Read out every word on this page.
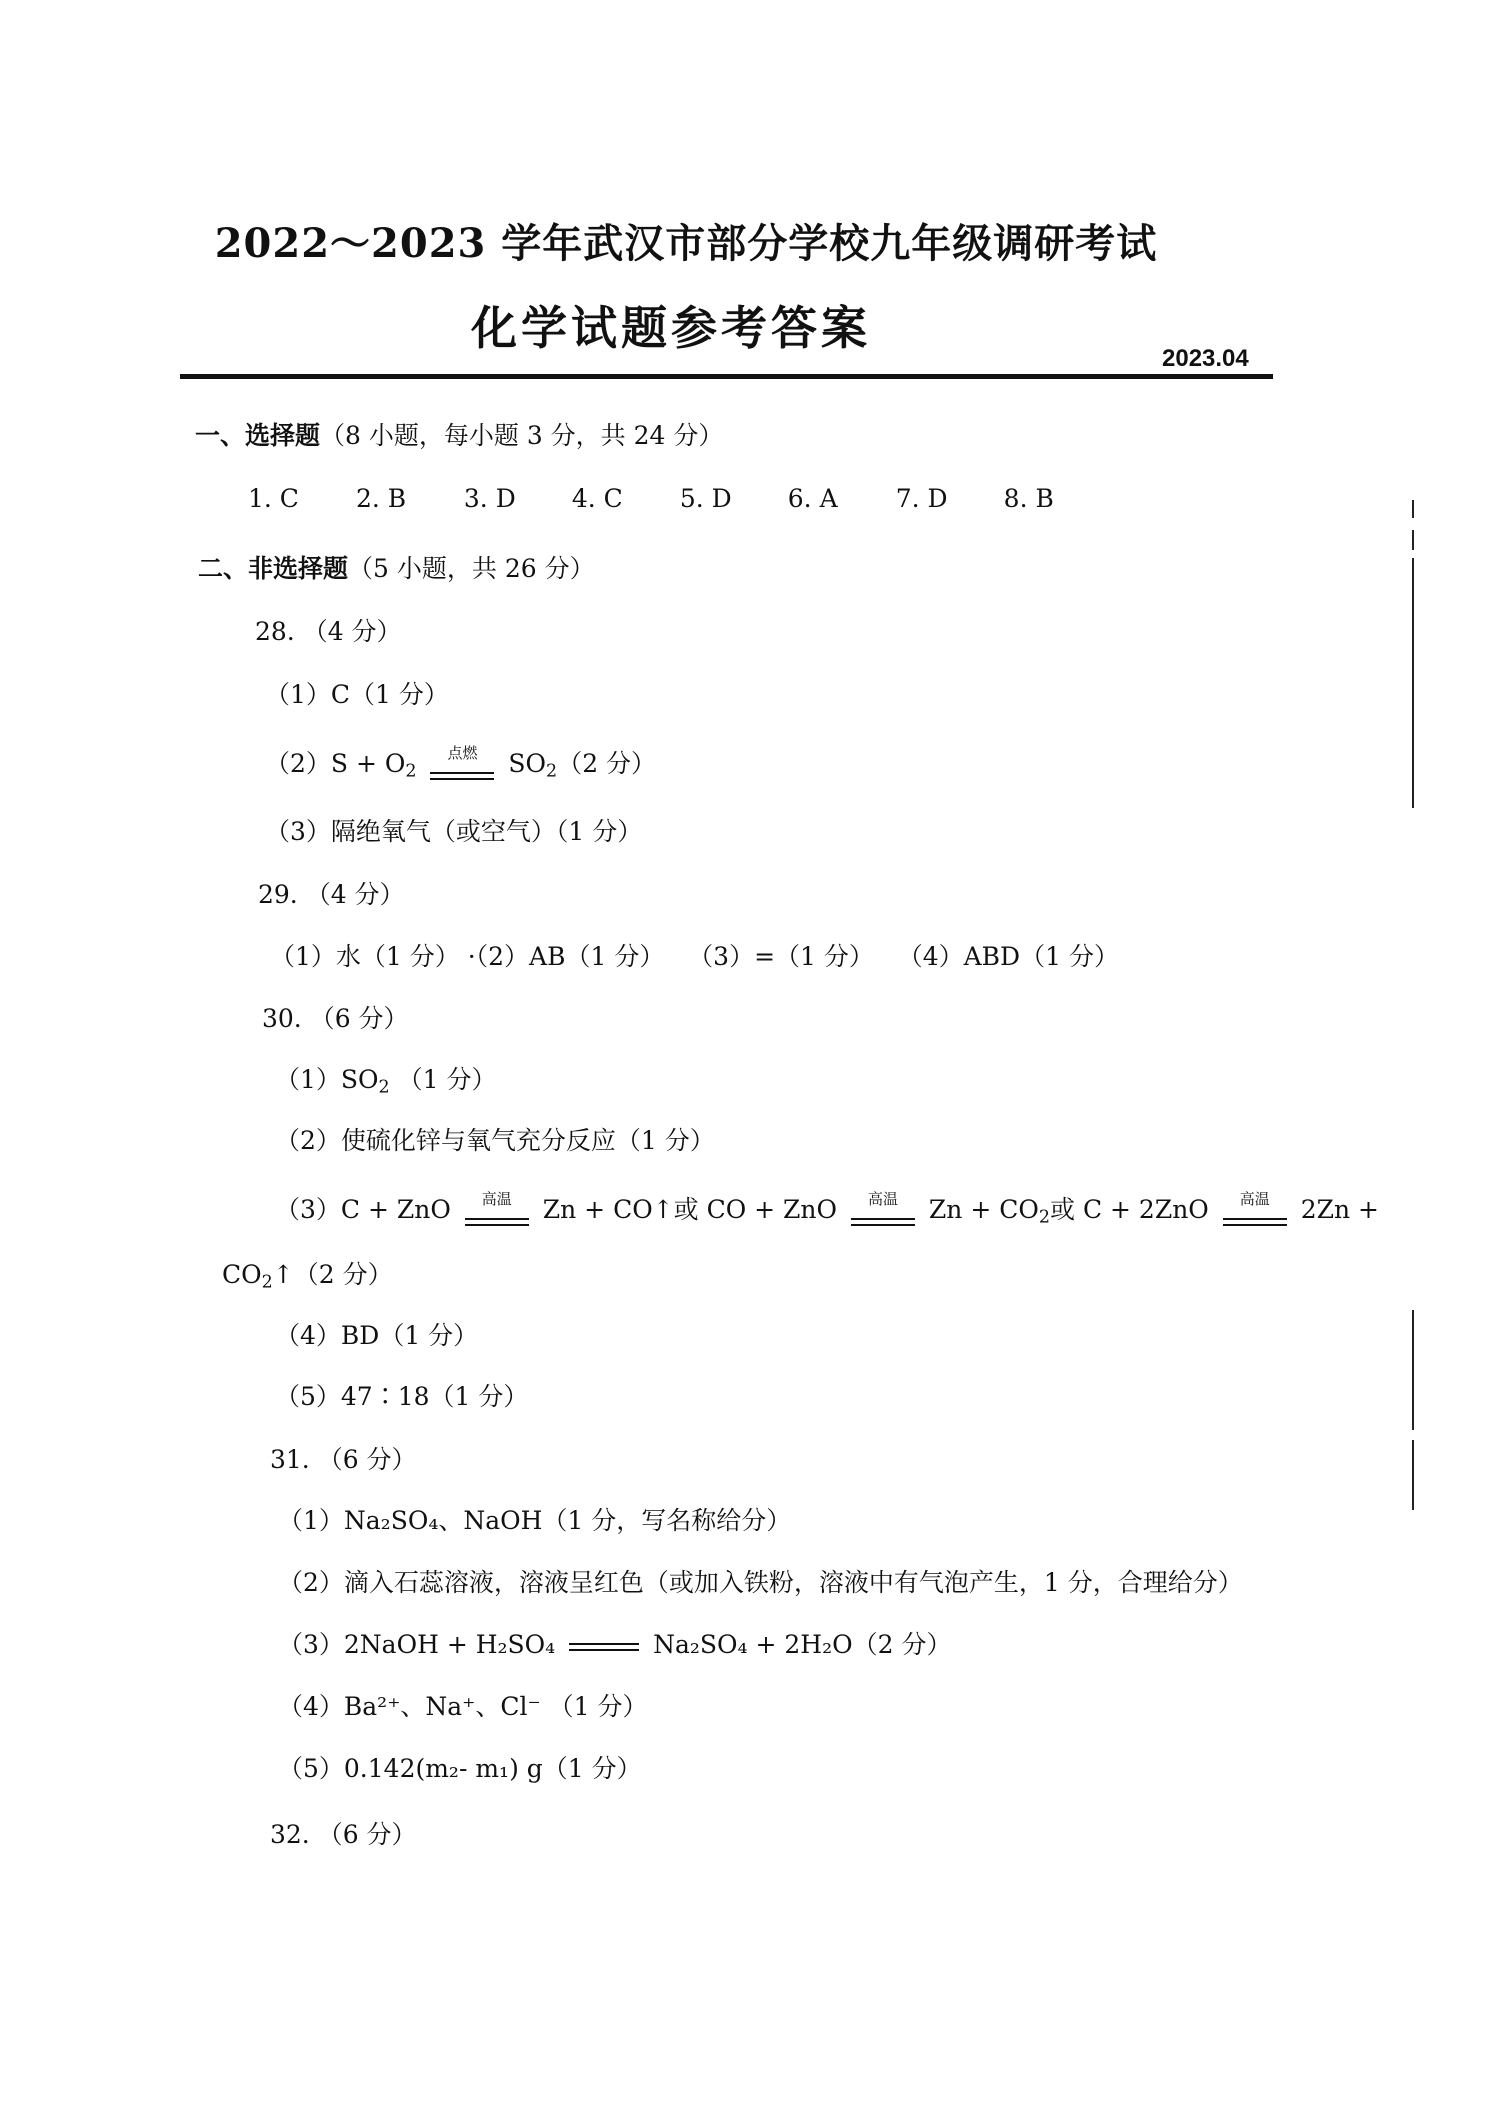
2022～2023 学年武汉市部分学校九年级调研考试
化学试题参考答案
2023.04
一、选择题（8 小题，每小题 3 分，共 24 分）
1. C 2. B 3. D 4. C 5. D 6. A 7. D 8. B
二、非选择题（5 小题，共 26 分）
28. （4 分）
（1）C（1 分）
$(2)S + O_2$
点燃	$SO_2(2$ 分）
（3）隔绝氧气（或空气）（1 分）
29. （4 分）
（1）水（1 分） ·（2）AB（1 分）   （3）=（1 分）   （4）ABD（1 分）
30. （6 分）
$(1)SO_2$ （1 分）
（2）使硫化锌与氧气充分反应（1 分）
（3）C + ZnO	高温	Zn + CO↑或 CO + ZnO	高温	$Zn + CO_2$或 C + 2ZnO	高温	2Zn +
$CO_2↑(2$ 分）
（4）BD（1 分）
（5）47∶18（1 分）
31. （6 分）
（1）Na₂SO₄、NaOH（1 分，写名称给分）
（2）滴入石蕊溶液，溶液呈红色（或加入铁粉，溶液中有气泡产生，1 分，合理给分）
（3）2NaOH + H₂SO₄	Na₂SO₄ + 2H₂O（2 分）
（4）Ba²⁺、Na⁺、Cl⁻ （1 分）
（5）0.142(m₂- m₁) g（1 分）
32. （6 分）
